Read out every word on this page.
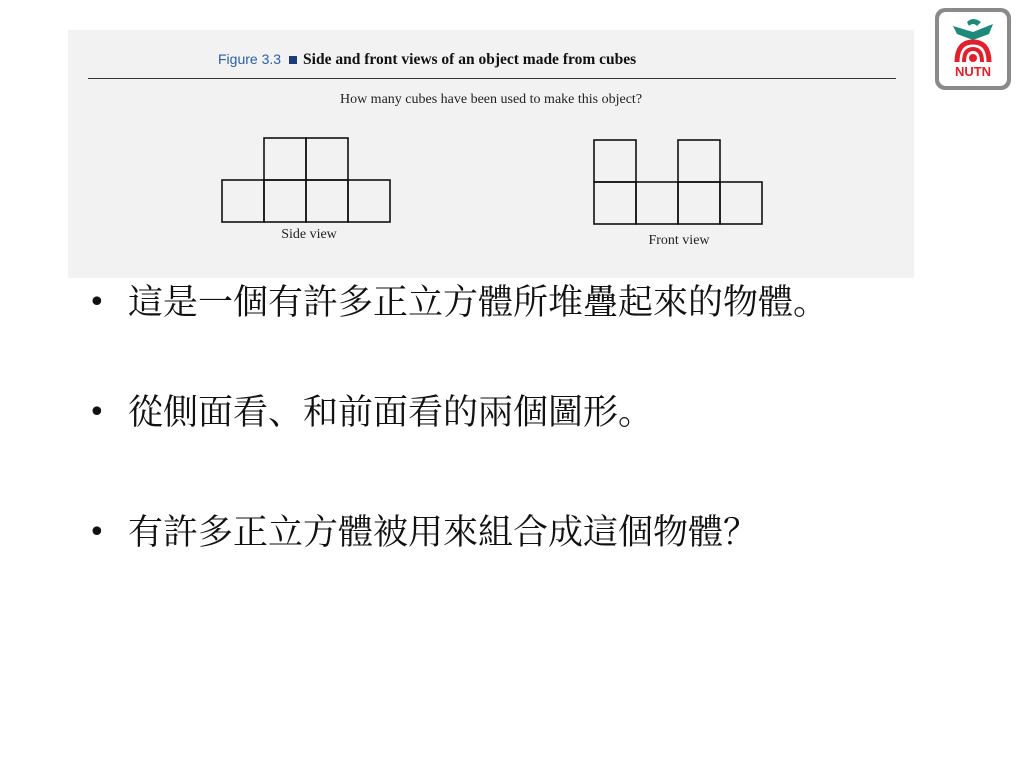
Figure 3.3 Side and front views of an object made from cubes
How many cubes have been used to make this object?
Side view	Front view
NUTN
• 這是一個有許多正立方體所堆疊起來的物體。
• 從側面看、和前面看的兩個圖形。
• 有許多正立方體被用來組合成這個物體？
